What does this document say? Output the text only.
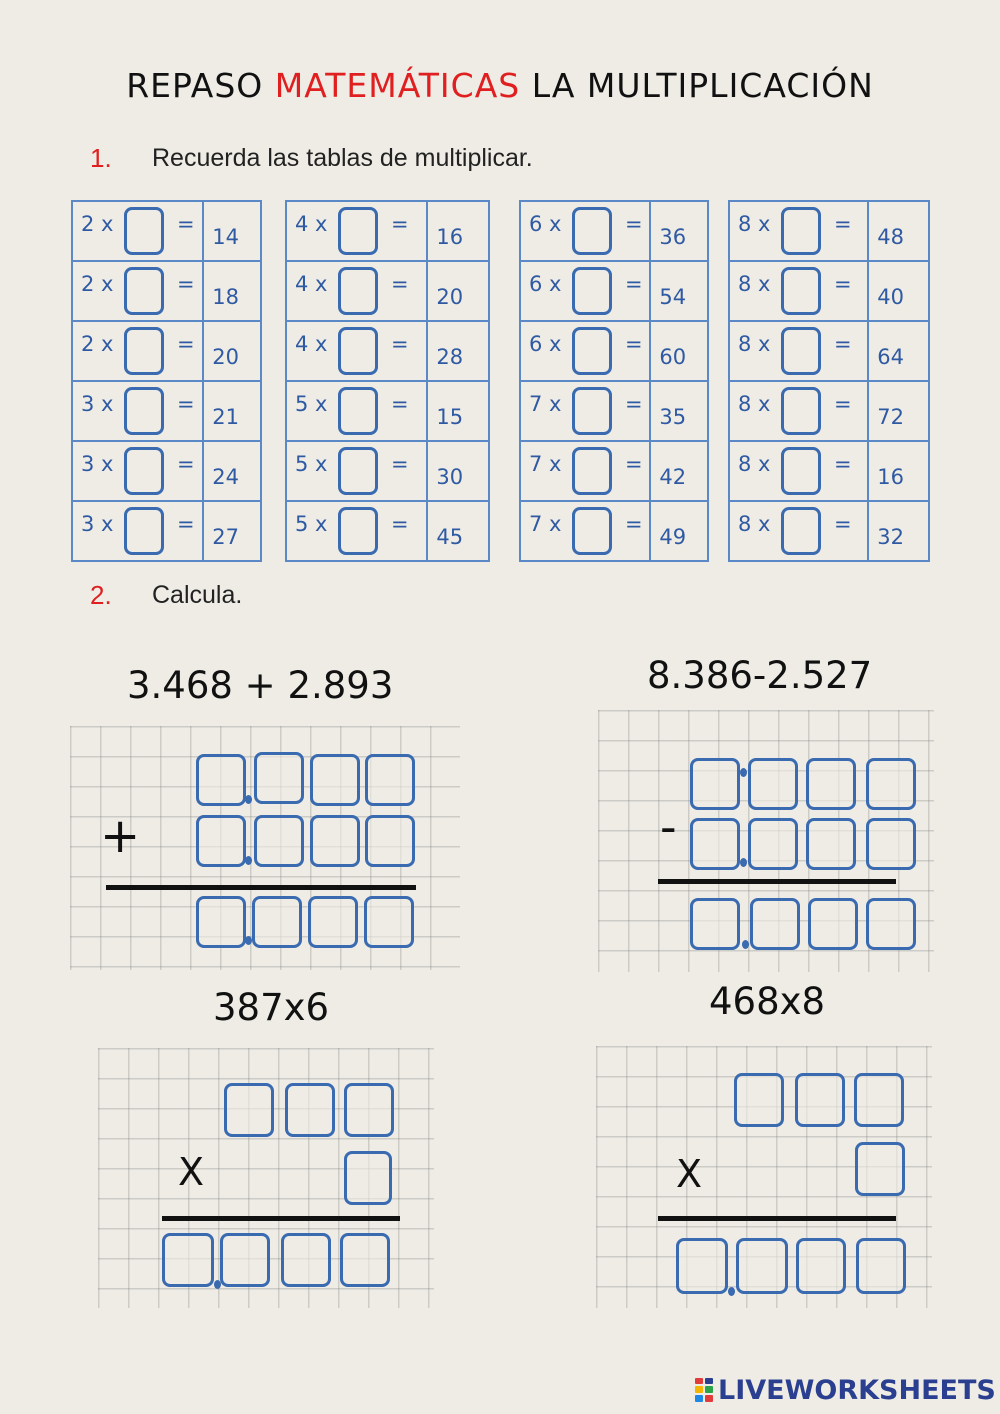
REPASO MATEMÁTICAS LA MULTIPLICACIÓN
1. Recuerda las tablas de multiplicar.
2 x =	14

2 x =	18

2 x =	20

3 x =	21

3 x =	24

3 x =	27
4 x =	16

4 x =	20

4 x =	28

5 x =	15

5 x =	30

5 x =	45
6 x =	36

6 x =	54

6 x =	60

7 x =	35

7 x =	42

7 x =	49
8 x =	48

8 x =	40

8 x =	64

8 x =	72

8 x =	16

8 x =	32
2. Calcula.
3.468 + 2.893
+
8.386-2.527
-
387x6
X
468x8
X
LIVEWORKSHEETS
